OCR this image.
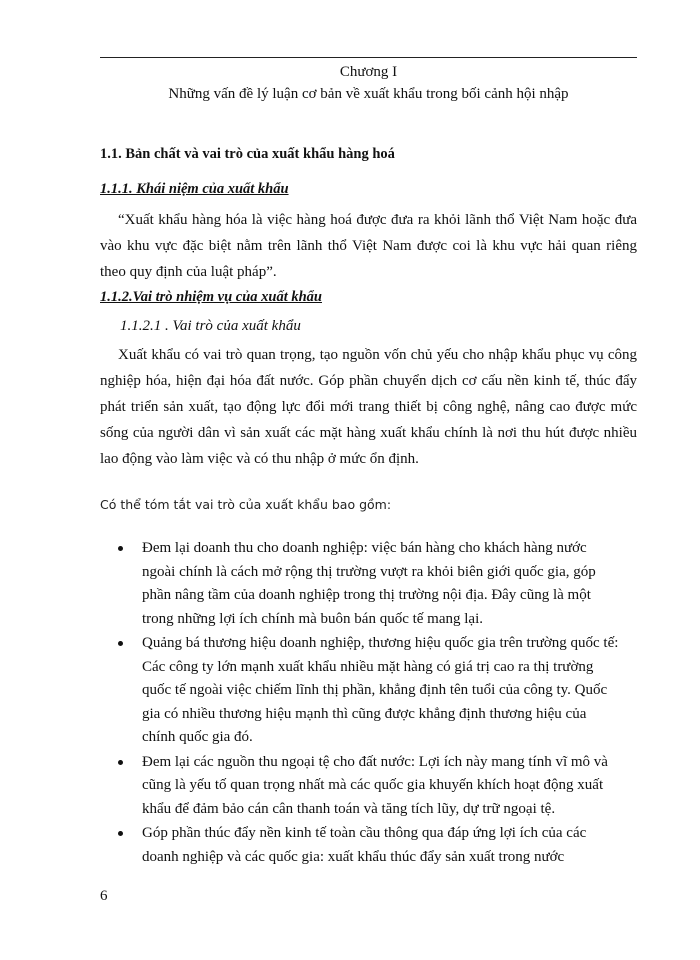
Chương I
Những vấn đề lý luận cơ bản về xuất khẩu trong bối cảnh hội nhập
1.1. Bản chất và vai trò của xuất khẩu hàng hoá
1.1.1. Khái niệm của xuất khẩu
“Xuất khẩu hàng hóa là việc hàng hoá được đưa ra khỏi lãnh thổ Việt Nam hoặc đưa vào khu vực đặc biệt nằm trên lãnh thổ Việt Nam được coi là khu vực hải quan riêng theo quy định của luật pháp”.
1.1.2.Vai trò nhiệm vụ của xuất khẩu
1.1.2.1 . Vai trò của xuất khẩu
Xuất khẩu có vai trò quan trọng, tạo nguồn vốn chủ yếu cho nhập khẩu phục vụ công nghiệp hóa, hiện đại hóa đất nước. Góp phần chuyển dịch cơ cấu nền kinh tế, thúc đẩy phát triển sản xuất, tạo động lực đổi mới trang thiết bị công nghệ, nâng cao được mức sống của người dân vì sản xuất các mặt hàng xuất khẩu chính là nơi thu hút được nhiều lao động vào làm việc và có thu nhập ở mức ổn định.
Có thể tóm tắt vai trò của xuất khẩu bao gồm:
Đem lại doanh thu cho doanh nghiệp: việc bán hàng cho khách hàng nước ngoài chính là cách mở rộng thị trường vượt ra khỏi biên giới quốc gia, góp phần nâng tầm của doanh nghiệp trong thị trường nội địa. Đây cũng là một trong những lợi ích chính mà buôn bán quốc tế mang lại.
Quảng bá thương hiệu doanh nghiệp, thương hiệu quốc gia trên trường quốc tế: Các công ty lớn mạnh xuất khẩu nhiều mặt hàng có giá trị cao ra thị trường quốc tế ngoài việc chiếm lĩnh thị phần, khẳng định tên tuổi của công ty. Quốc gia có nhiều thương hiệu mạnh thì cũng được khẳng định thương hiệu của chính quốc gia đó.
Đem lại các nguồn thu ngoại tệ cho đất nước: Lợi ích này mang tính vĩ mô và cũng là yếu tố quan trọng nhất mà các quốc gia khuyến khích hoạt động xuất khẩu để đảm bảo cán cân thanh toán và tăng tích lũy, dự trữ ngoại tệ.
Góp phần thúc đẩy nền kinh tế toàn cầu thông qua đáp ứng lợi ích của các doanh nghiệp và các quốc gia: xuất khẩu thúc đẩy sản xuất trong nước
6
